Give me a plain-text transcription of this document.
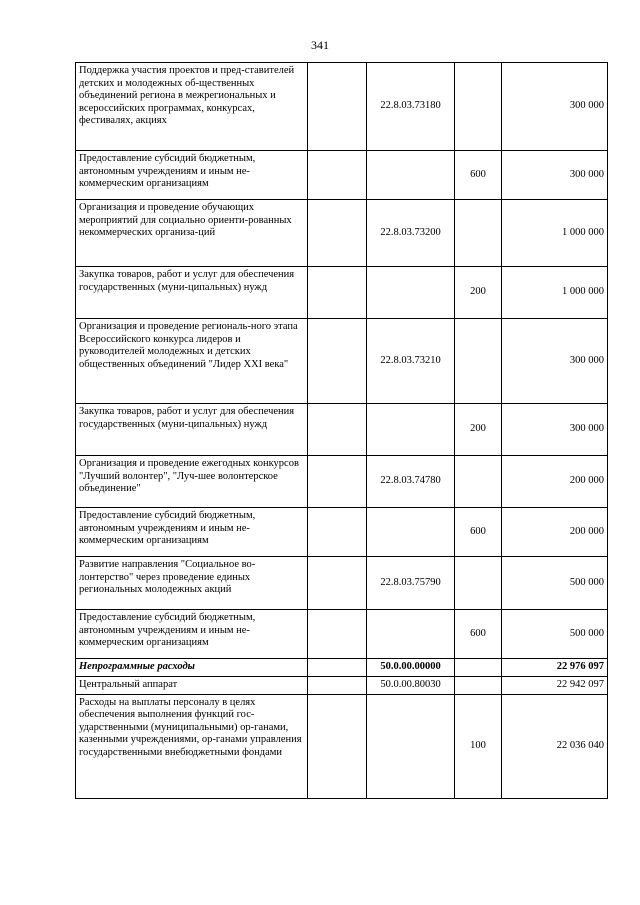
341
Поддержка участия проектов и пред-ставителей детских и молодежных об-щественных объединений региона в межрегиональных и всероссийских программах, конкурсах, фестивалях, акциях		22.8.03.73180		300 000
Предоставление субсидий бюджетным, автономным учреждениям и иным не-коммерческим организациям			600	300 000
Организация и проведение обучающих мероприятий для социально ориенти-рованных некоммерческих организа-ций		22.8.03.73200		1 000 000
Закупка товаров, работ и услуг для обеспечения государственных (муни-ципальных) нужд			200	1 000 000
Организация и проведение региональ-ного этапа Всероссийского конкурса лидеров и руководителей молодежных и детских общественных объединений "Лидер XXI века"		22.8.03.73210		300 000
Закупка товаров, работ и услуг для обеспечения государственных (муни-ципальных) нужд			200	300 000
Организация и проведение ежегодных конкурсов "Лучший волонтер", "Луч-шее волонтерское объединение"		22.8.03.74780		200 000
Предоставление субсидий бюджетным, автономным учреждениям и иным не-коммерческим организациям			600	200 000
Развитие направления "Социальное во-лонтерство" через проведение единых региональных молодежных акций		22.8.03.75790		500 000
Предоставление субсидий бюджетным, автономным учреждениям и иным не-коммерческим организациям			600	500 000
Непрограммные расходы		50.0.00.00000		22 976 097
Центральный аппарат		50.0.00.80030		22 942 097
Расходы на выплаты персоналу в целях обеспечения выполнения функций гос-ударственными (муниципальными) ор-ганами, казенными учреждениями, ор-ганами управления государственными внебюджетными фондами			100	22 036 040
